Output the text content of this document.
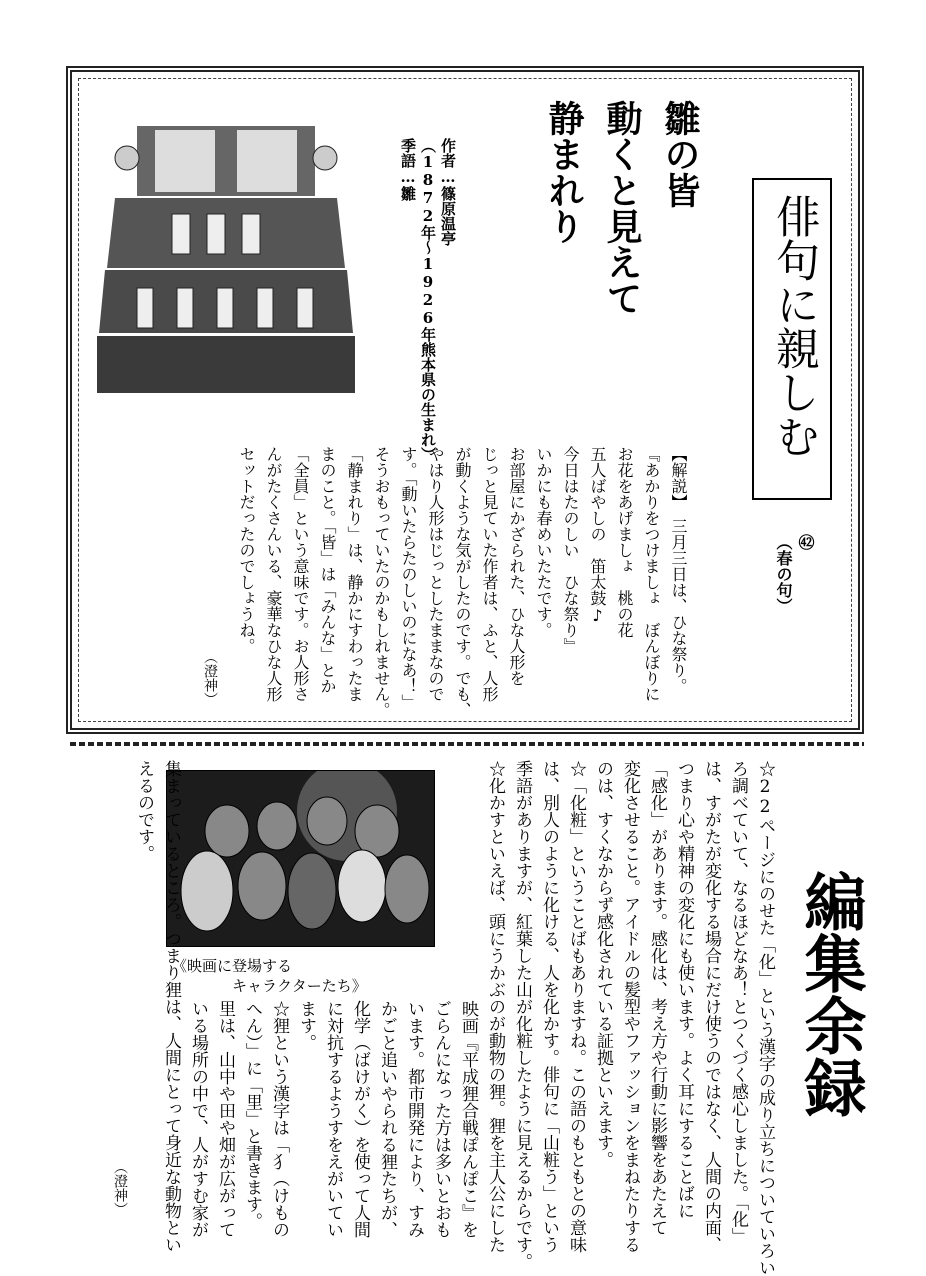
雛の皆
動くと見えて
静まれり
作者…篠原温亭
（1872年～1926年熊本県の生まれ）
季語…雛
俳句に親しむ
㊷
（春の句）
【解説】　三月三日は、ひな祭り。
『あかりをつけましょ　ぼんぼりに
お花をあげましょ　桃の花
五人ばやしの　笛太鼓♪
今日はたのしい　ひな祭り』
いかにも春めいたたです。
お部屋にかざられた、ひな人形を
じっと見ていた作者は、ふと、人形
が動くような気がしたのです。でも、
やはり人形はじっとしたままなので
す。「動いたらたのしいのになあ！」
そうおもっていたのかもしれません。
「静まれり」は、静かにすわったま
まのこと。「皆」は「みんな」とか
「全員」という意味です。お人形さ
んがたくさんいる、豪華なひな人形
セットだったのでしょうね。
（澄神）
編集余録
《映画に登場する
キャラクターたち》	☆22ページにのせた「化」という漢字の成り立ちについていろい
ろ調べていて、なるほどなあ！とつくづく感心しました。「化」
は、すがたが変化する場合にだけ使うのではなく、人間の内面、
つまり心や精神の変化にも使います。よく耳にすることばに
「感化」があります。感化は、考え方や行動に影響をあたえて
変化させること。アイドルの髪型やファッションをまねたりする
のは、すくなからず感化されている証拠といえます。
☆「化粧」ということばもありますね。この語のもともとの意味
は、別人のように化ける、人を化かす。俳句に「山粧う」という
季語がありますが、紅葉した山が化粧したように見えるからです。
☆化かすといえば、頭にうかぶのが動物の狸。狸を主人公にした
映画『平成狸合戦ぽんぽこ』を
ごらんになった方は多いとおも
います。都市開発により、すみ
かごと追いやられる狸たちが、
化学（ばけがく）を使って人間
に対抗するようすをえがいてい
ます。
☆狸という漢字は「犭（けもの
へん）」に「里」と書きます。
里は、山中や田や畑が広がって
いる場所の中で、人がすむ家が
集まっているところ。つまり狸は、人間にとって身近な動物とい
えるのです。
（澄神）
